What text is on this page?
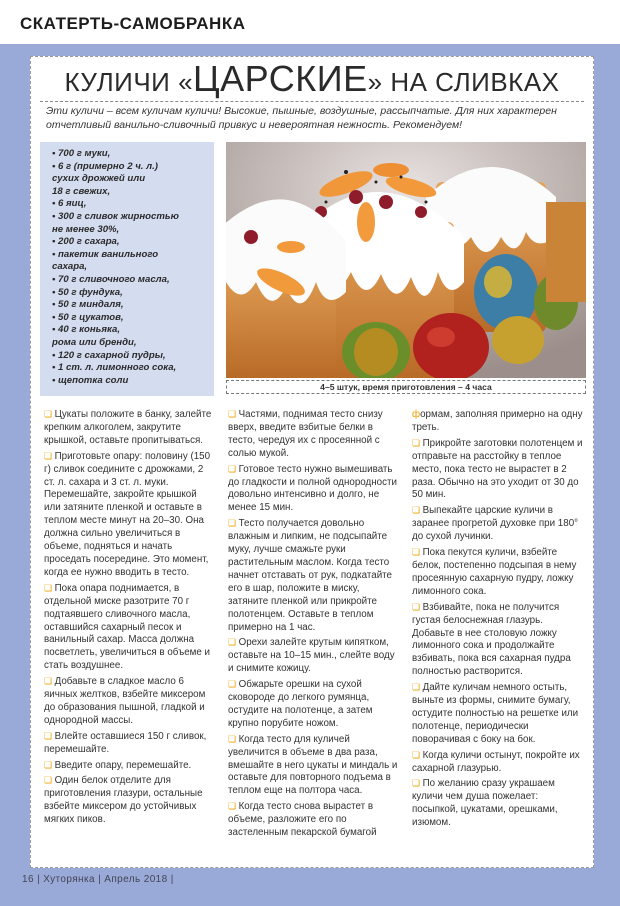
СКАТЕРТЬ-САМОБРАНКА
КУЛИЧИ «ЦАРСКИЕ» НА СЛИВКАХ
Эти куличи – всем куличам куличи! Высокие, пышные, воздушные, рассыпчатые. Для них характерен отчетливый ванильно-сливочный привкус и невероятная нежность. Рекомендуем!
• 700 г муки,
• 6 г (примерно 2 ч. л.)
сухих дрожжей или
18 г свежих,
• 6 яиц,
• 300 г сливок жирностью
не менее 30%,
• 200 г сахара,
• пакетик ванильного
сахара,
• 70 г сливочного масла,
• 50 г фундука,
• 50 г миндаля,
• 50 г цукатов,
• 40 г коньяка,
рома или бренди,
• 120 г сахарной пудры,
• 1 ст. л. лимонного сока,
• щепотка соли
4–5 штук, время приготовления – 4 часа

❏ Цукаты положите в банку, залейте крепким алкоголем, закрутите крышкой, оставьте пропитываться.

❏ Приготовьте опару: половину (150 г) сливок соедините с дрожжами, 2 ст. л. сахара и 3 ст. л. муки. Перемешайте, закройте крышкой или затяните пленкой и оставьте в теплом месте минут на 20–30. Она должна сильно увеличиться в объеме, подняться и начать проседать посередине. Это момент, когда ее нужно вводить в тесто.

❏ Пока опара поднимается, в отдельной миске разотрите 70 г подтаявшего сливочного масла, оставшийся сахарный песок и ванильный сахар. Масса должна посветлеть, увеличиться в объеме и стать воздушнее.

❏ Добавьте в сладкое масло 6 яичных желтков, взбейте миксером до образования пышной, гладкой и однородной массы.

❏ Влейте оставшиеся 150 г сливок, перемешайте.

❏ Введите опару, перемешайте.

❏ Один белок отделите для приготовления глазури, остальные взбейте миксером до устойчивых мягких пиков.

❏ Частями, поднимая тесто снизу вверх, введите взбитые белки в тесто, чередуя их с просеянной с солью мукой.

❏ Готовое тесто нужно вымешивать до гладкости и полной однородности довольно интенсивно и долго, не менее 15 мин.

❏ Тесто получается довольно влажным и липким, не подсыпайте муку, лучше смажьте руки растительным маслом. Когда тесто начнет отставать от рук, подкатайте его в шар, положите в миску, затяните пленкой или прикройте полотенцем. Оставьте в теплом примерно на 1 час.

❏ Орехи залейте крутым кипятком, оставьте на 10–15 мин., слейте воду и снимите кожицу.

❏ Обжарьте орешки на сухой сковороде до легкого румянца, остудите на полотенце, а затем крупно порубите ножом.

❏ Когда тесто для куличей увеличится в объеме в два раза, вмешайте в него цукаты и миндаль и оставьте для повторного подъема в теплом еще на полтора часа.

❏ Когда тесто снова вырастет в объеме, разложите его по застеленным пекарской бумагой

формам, заполняя примерно на одну треть.

❏ Прикройте заготовки полотенцем и отправьте на расстойку в теплое место, пока тесто не вырастет в 2 раза. Обычно на это уходит от 30 до 50 мин.

❏ Выпекайте царские куличи в заранее прогретой духовке при 180° до сухой лучинки.

❏ Пока пекутся куличи, взбейте белок, постепенно подсыпая в нему просеянную сахарную пудру, ложку лимонного сока.

❏ Взбивайте, пока не получится густая белоснежная глазурь. Добавьте в нее столовую ложку лимонного сока и продолжайте взбивать, пока вся сахарная пудра полностью растворится.

❏ Дайте куличам немного остыть, выньте из формы, снимите бумагу, остудите полностью на решетке или полотенце, периодически поворачивая с боку на бок.

❏ Когда куличи остынут, покройте их сахарной глазурью.

❏ По желанию сразу украшаем куличи чем душа пожелает: посыпкой, цукатами, орешками, изюмом.

16 | Хуторянка | Апрель 2018 |
